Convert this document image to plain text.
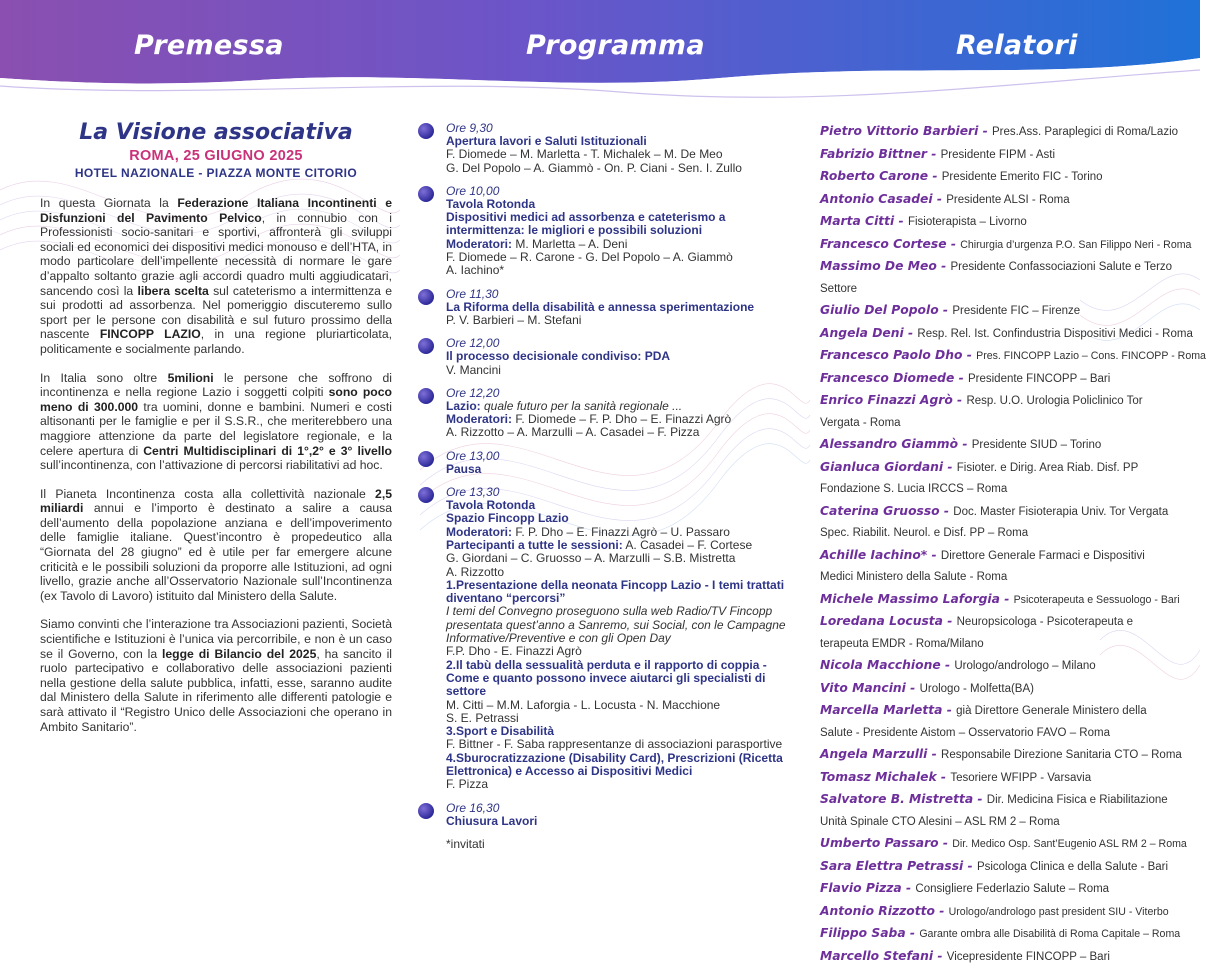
Premessa	Programma	Relatori
La Visione associativa
ROMA, 25 GIUGNO 2025
HOTEL NAZIONALE - PIAZZA MONTE CITORIO

In questa Giornata la Federazione Italiana Incontinenti e Disfunzioni del Pavimento Pelvico, in connubio con i Professionisti socio-sanitari e sportivi, affronterà gli sviluppi sociali ed economici dei dispositivi medici monouso e dell’HTA, in modo particolare dell’impellente necessità di normare le gare d’appalto soltanto grazie agli accordi quadro multi aggiudicatari, sancendo così la libera scelta sul cateterismo a intermittenza e sui prodotti ad assorbenza. Nel pomeriggio discuteremo sullo sport per le persone con disabilità e sul futuro prossimo della nascente FINCOPP LAZIO, in una regione pluriarticolata, politicamente e socialmente parlando.

In Italia sono oltre 5milioni le persone che soffrono di incontinenza e nella regione Lazio i soggetti colpiti sono poco meno di 300.000 tra uomini, donne e bambini. Numeri e costi altisonanti per le famiglie e per il S.S.R., che meriterebbero una maggiore attenzione da parte del legislatore regionale, e la celere apertura di Centri Multidisciplinari di 1°,2° e 3° livello sull’incontinenza, con l’attivazione di percorsi riabilitativi ad hoc.

Il Pianeta Incontinenza costa alla collettività nazionale 2,5 miliardi annui e l’importo è destinato a salire a causa dell’aumento della popolazione anziana e dell’impoverimento delle famiglie italiane. Quest’incontro è propedeutico alla “Giornata del 28 giugno” ed è utile per far emergere alcune criticità e le possibili soluzioni da proporre alle Istituzioni, ad ogni livello, grazie anche all’Osservatorio Nazionale sull’Incontinenza (ex Tavolo di Lavoro) istituito dal Ministero della Salute.

Siamo convinti che l’interazione tra Associazioni pazienti, Società scientifiche e Istituzioni è l’unica via percorribile, e non è un caso se il Governo, con la legge di Bilancio del 2025, ha sancito il ruolo partecipativo e collaborativo delle associazioni pazienti nella gestione della salute pubblica, infatti, esse, saranno audite dal Ministero della Salute in riferimento alle differenti patologie e sarà attivato il “Registro Unico delle Associazioni che operano in Ambito Sanitario”.

Ore 9,30
Apertura lavori e Saluti Istituzionali
F. Diomede – M. Marletta - T. Michalek – M. De Meo
G. Del Popolo – A. Giammò - On. P. Ciani - Sen. I. Zullo
Ore 10,00
Tavola Rotonda
Dispositivi medici ad assorbenza e cateterismo a intermittenza: le migliori e possibili soluzioni
Moderatori: M. Marletta – A. Deni
F. Diomede – R. Carone - G. Del Popolo – A. Giammò
A. Iachino*
Ore 11,30
La Riforma della disabilità e annessa sperimentazione
P. V. Barbieri – M. Stefani
Ore 12,00
Il processo decisionale condiviso: PDA
V. Mancini
Ore 12,20
Lazio: quale futuro per la sanità regionale ...
Moderatori: F. Diomede – F. P. Dho – E. Finazzi Agrò
A. Rizzotto – A. Marzulli – A. Casadei – F. Pizza
Ore 13,00
Pausa
Ore 13,30
Tavola Rotonda
Spazio Fincopp Lazio
Moderatori: F. P. Dho – E. Finazzi Agrò – U. Passaro
Partecipanti a tutte le sessioni: A. Casadei – F. Cortese
G. Giordani – C. Gruosso – A. Marzulli – S.B. Mistretta
A. Rizzotto
1.Presentazione della neonata Fincopp Lazio - I temi trattati diventano “percorsi”
I temi del Convegno proseguono sulla web Radio/TV Fincopp presentata quest’anno a Sanremo, sui Social, con le Campagne Informative/Preventive e con gli Open Day
F.P. Dho - E. Finazzi Agrò
2.Il tabù della sessualità perduta e il rapporto di coppia - Come e quanto possono invece aiutarci gli specialisti di settore
M. Citti – M.M. Laforgia - L. Locusta - N. Macchione
S. E. Petrassi
3.Sport e Disabilità
F. Bittner - F. Saba rappresentanze di associazioni parasportive
4.Sburocratizzazione (Disability Card), Prescrizioni (Ricetta Elettronica) e Accesso ai Dispositivi Medici
F. Pizza
Ore 16,30
Chiusura Lavori
*invitati
Pietro Vittorio Barbieri - Pres.Ass. Paraplegici di Roma/Lazio
Fabrizio Bittner - Presidente FIPM - Asti
Roberto Carone - Presidente Emerito FIC - Torino
Antonio Casadei - Presidente ALSI - Roma
Marta Citti - Fisioterapista – Livorno
Francesco Cortese - Chirurgia d’urgenza P.O. San Filippo Neri - Roma
Massimo De Meo - Presidente Confassociazioni Salute e Terzo
Settore
Giulio Del Popolo - Presidente FIC – Firenze
Angela Deni - Resp. Rel. Ist. Confindustria Dispositivi Medici - Roma
Francesco Paolo Dho - Pres. FINCOPP Lazio – Cons. FINCOPP - Roma
Francesco Diomede - Presidente FINCOPP – Bari
Enrico Finazzi Agrò - Resp. U.O. Urologia Policlinico Tor
Vergata - Roma
Alessandro Giammò - Presidente SIUD – Torino
Gianluca Giordani - Fisioter. e Dirig. Area Riab. Disf. PP
Fondazione S. Lucia IRCCS – Roma
Caterina Gruosso - Doc. Master Fisioterapia Univ. Tor Vergata
Spec. Riabilit. Neurol. e Disf. PP – Roma
Achille Iachino* - Direttore Generale Farmaci e Dispositivi
Medici Ministero della Salute - Roma
Michele Massimo Laforgia - Psicoterapeuta e Sessuologo - Bari
Loredana Locusta - Neuropsicologa - Psicoterapeuta e
terapeuta EMDR - Roma/Milano
Nicola Macchione - Urologo/andrologo – Milano
Vito Mancini - Urologo - Molfetta(BA)
Marcella Marletta - già Direttore Generale Ministero della
Salute - Presidente Aistom – Osservatorio FAVO – Roma
Angela Marzulli - Responsabile Direzione Sanitaria CTO – Roma
Tomasz Michalek - Tesoriere WFIPP - Varsavia
Salvatore B. Mistretta - Dir. Medicina Fisica e Riabilitazione
Unità Spinale CTO Alesini – ASL RM 2 – Roma
Umberto Passaro - Dir. Medico Osp. Sant’Eugenio ASL RM 2 – Roma
Sara Elettra Petrassi - Psicologa Clinica e della Salute - Bari
Flavio Pizza - Consigliere Federlazio Salute – Roma
Antonio Rizzotto - Urologo/andrologo past president SIU - Viterbo
Filippo Saba - Garante ombra alle Disabilità di Roma Capitale – Roma
Marcello Stefani - Vicepresidente FINCOPP – Bari
